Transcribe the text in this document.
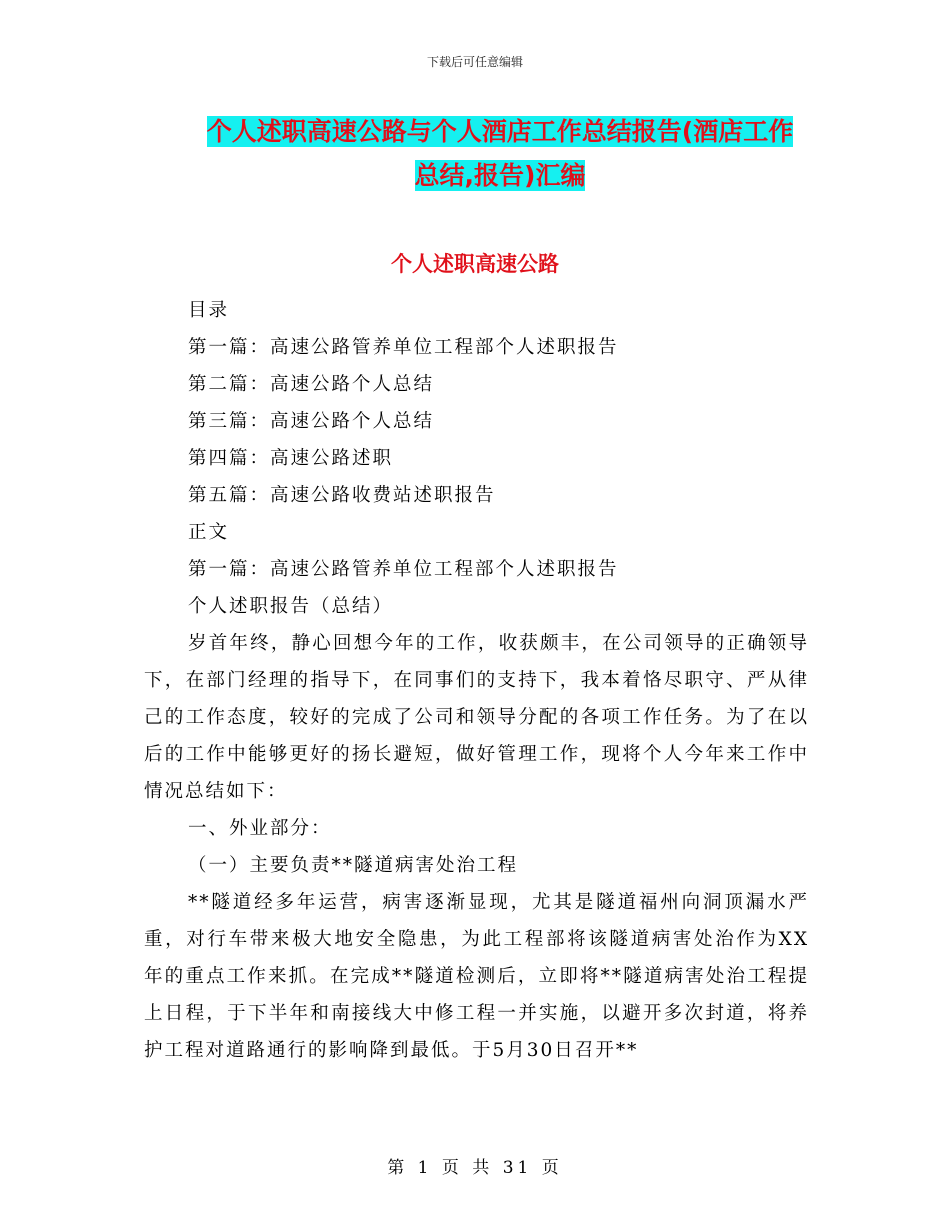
下载后可任意编辑
个人述职高速公路与个人酒店工作总结报告(酒店工作
总结,报告)汇编
个人述职高速公路

目录

第一篇：高速公路管养单位工程部个人述职报告

第二篇：高速公路个人总结

第三篇：高速公路个人总结

第四篇：高速公路述职

第五篇：高速公路收费站述职报告

正文

第一篇：高速公路管养单位工程部个人述职报告

个人述职报告（总结）

岁首年终，静心回想今年的工作，收获颇丰，在公司领导的正确领导下，在部门经理的指导下，在同事们的支持下，我本着恪尽职守、严从律己的工作态度，较好的完成了公司和领导分配的各项工作任务。为了在以后的工作中能够更好的扬长避短，做好管理工作，现将个人今年来工作中情况总结如下：

一、外业部分：

（一）主要负责**隧道病害处治工程

**隧道经多年运营，病害逐渐显现，尤其是隧道福州向洞顶漏水严重，对行车带来极大地安全隐患，为此工程部将该隧道病害处治作为XX年的重点工作来抓。在完成**隧道检测后，立即将**隧道病害处治工程提上日程，于下半年和南接线大中修工程一并实施，以避开多次封道，将养护工程对道路通行的影响降到最低。于5月30日召开**

第 1 页 共 31 页
